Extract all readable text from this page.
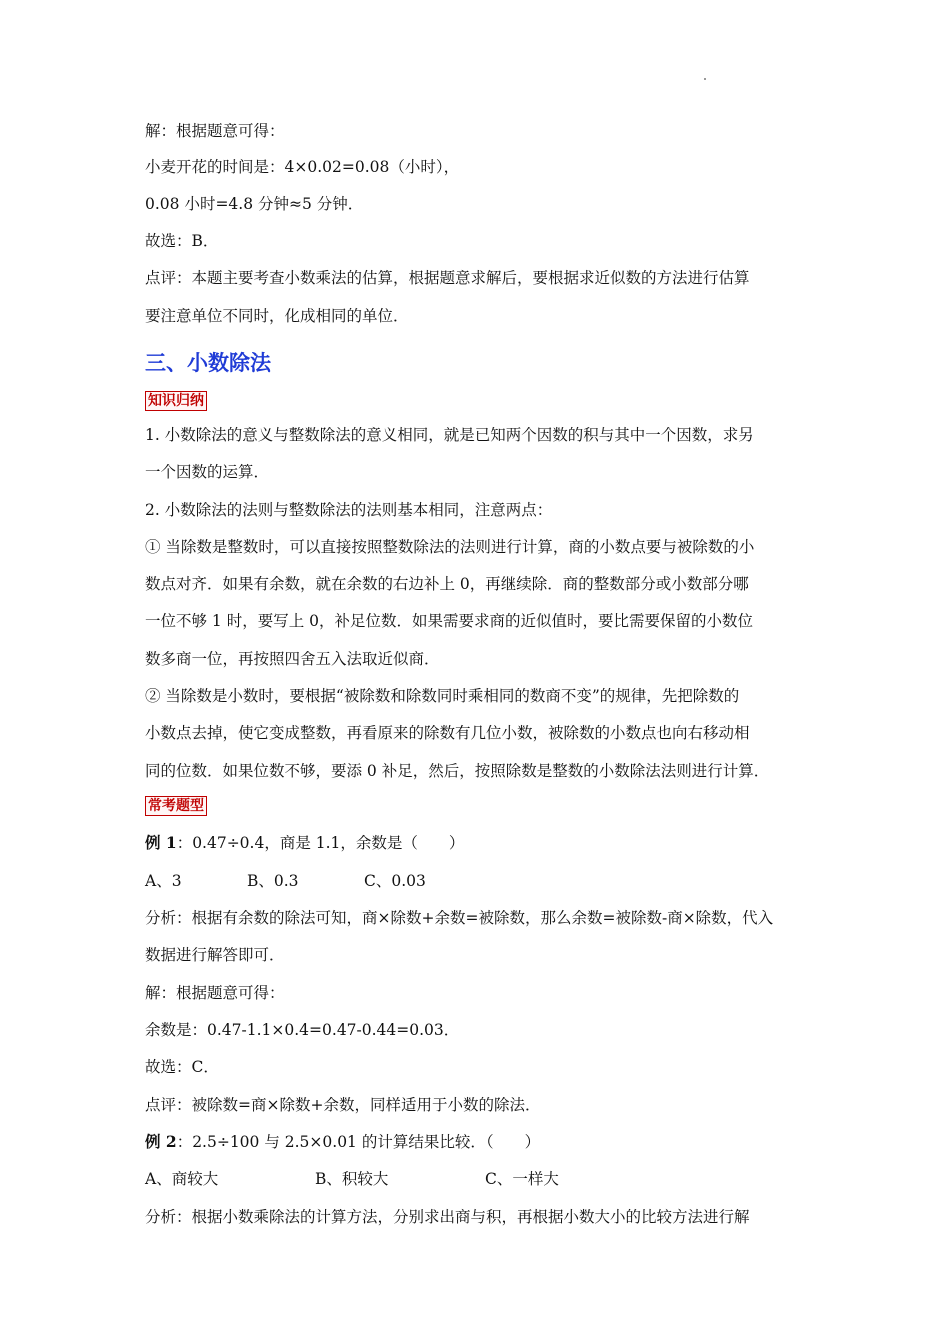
解：根据题意可得：
小麦开花的时间是：4×0.02=0.08（小时），
0.08 小时=4.8 分钟≈5 分钟．
故选：B．
点评：本题主要考查小数乘法的估算，根据题意求解后，要根据求近似数的方法进行估算
要注意单位不同时，化成相同的单位．
三、小数除法
知识归纳
1. 小数除法的意义与整数除法的意义相同，就是已知两个因数的积与其中一个因数，求另
一个因数的运算．
2. 小数除法的法则与整数除法的法则基本相同，注意两点：
① 当除数是整数时，可以直接按照整数除法的法则进行计算，商的小数点要与被除数的小
数点对齐．如果有余数，就在余数的右边补上 0，再继续除．商的整数部分或小数部分哪
一位不够 1 时，要写上 0，补足位数．如果需要求商的近似值时，要比需要保留的小数位
数多商一位，再按照四舍五入法取近似商．
② 当除数是小数时，要根据“被除数和除数同时乘相同的数商不变”的规律，先把除数的
小数点去掉，使它变成整数，再看原来的除数有几位小数，被除数的小数点也向右移动相
同的位数．如果位数不够，要添 0 补足，然后，按照除数是整数的小数除法法则进行计算．
常考题型
例 1：0.47÷0.4，商是 1.1，余数是（　　）
A、3	B、0.3	C、0.03
分析：根据有余数的除法可知，商×除数+余数=被除数，那么余数=被除数-商×除数，代入
数据进行解答即可．
解：根据题意可得：
余数是：0.47-1.1×0.4=0.47-0.44=0.03．
故选：C．
点评：被除数=商×除数+余数，同样适用于小数的除法．
例 2：2.5÷100 与 2.5×0.01 的计算结果比较．（　　）
A、商较大	B、积较大	C、一样大
分析：根据小数乘除法的计算方法，分别求出商与积，再根据小数大小的比较方法进行解
